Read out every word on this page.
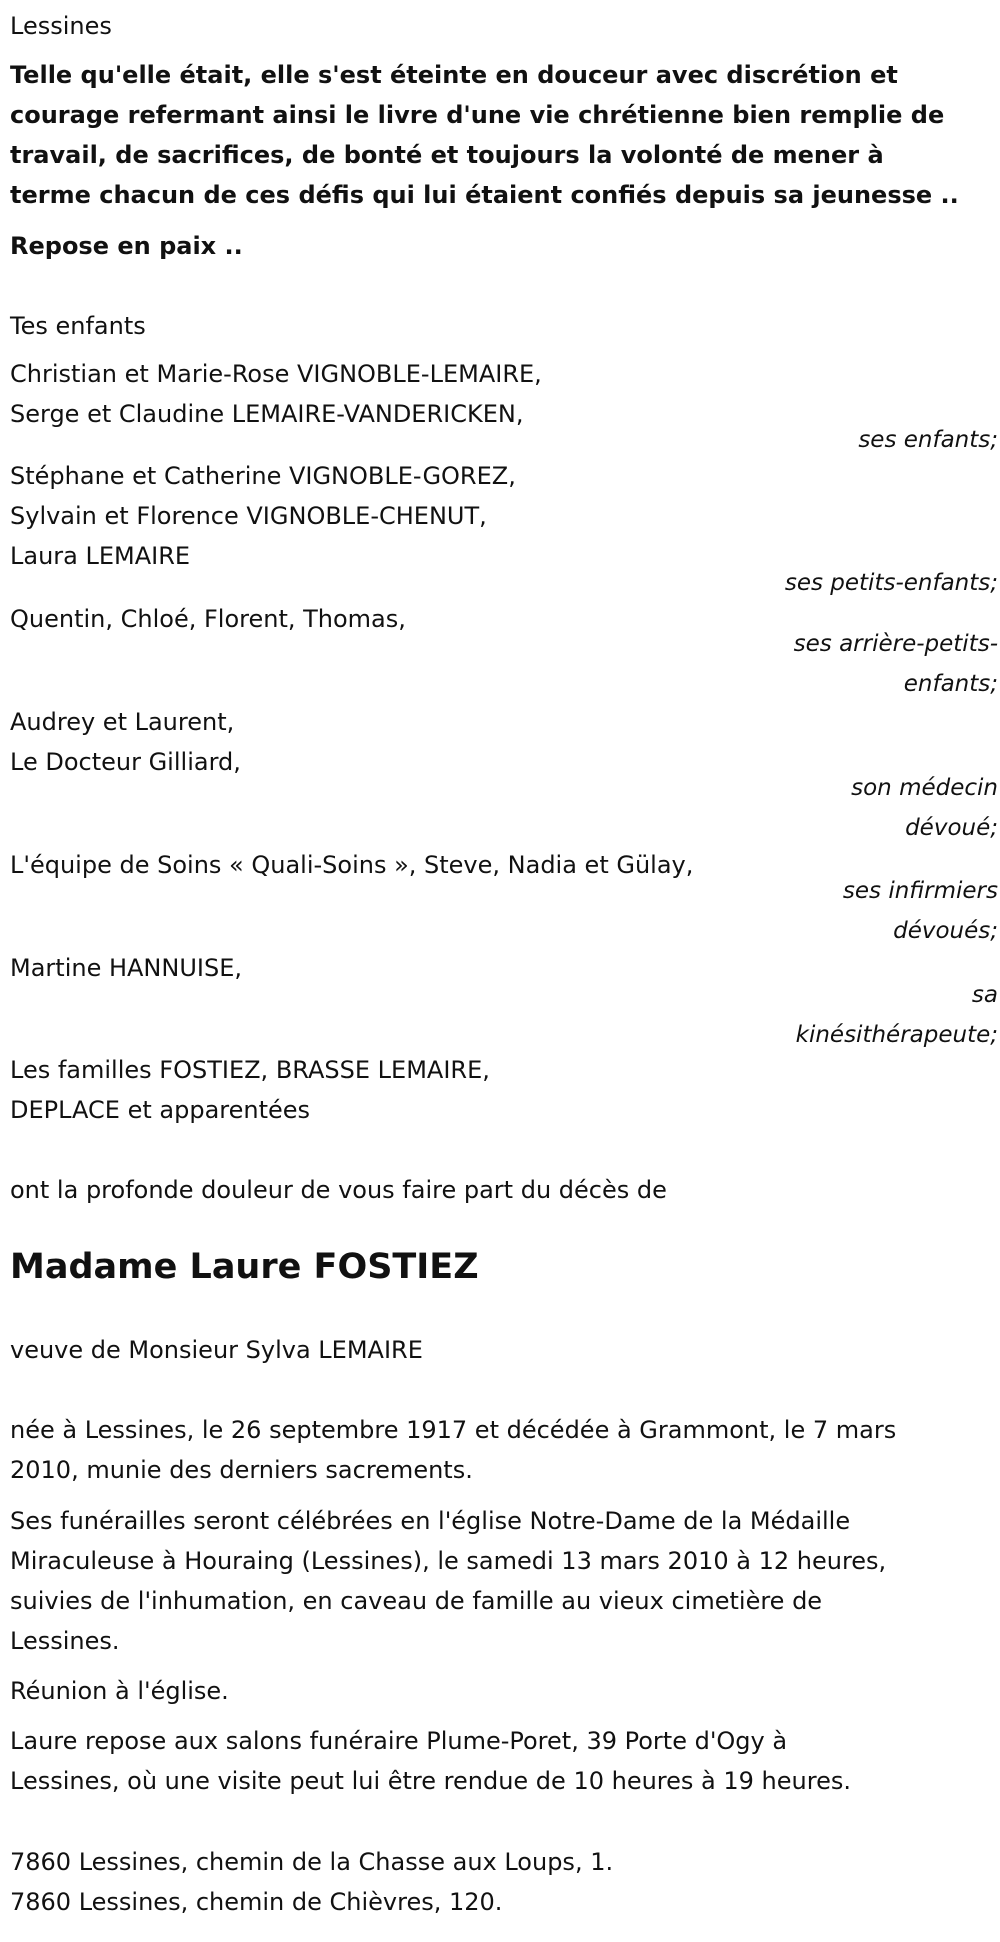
Lessines
Telle qu'elle était, elle s'est éteinte en douceur avec discrétion et
courage refermant ainsi le livre d'une vie chrétienne bien remplie de
travail, de sacrifices, de bonté et toujours la volonté de mener à
terme chacun de ces défis qui lui étaient confiés depuis sa jeunesse ..
Repose en paix ..
Tes enfants
Christian et Marie-Rose VIGNOBLE-LEMAIRE,
Serge et Claudine LEMAIRE-VANDERICKEN,
ses enfants;
Stéphane et Catherine VIGNOBLE-GOREZ,
Sylvain et Florence VIGNOBLE-CHENUT,
Laura LEMAIRE
ses petits-enfants;
Quentin, Chloé, Florent, Thomas,
ses arrière-petits-
enfants;
Audrey et Laurent,
Le Docteur Gilliard,
son médecin
dévoué;
L'équipe de Soins « Quali-Soins », Steve, Nadia et Gülay,
ses infirmiers
dévoués;
Martine HANNUISE,
sa
kinésithérapeute;
Les familles FOSTIEZ, BRASSE LEMAIRE,
DEPLACE et apparentées
ont la profonde douleur de vous faire part du décès de
Madame Laure FOSTIEZ
veuve de Monsieur Sylva LEMAIRE
née à Lessines, le 26 septembre 1917 et décédée à Grammont, le 7 mars
2010, munie des derniers sacrements.
Ses funérailles seront célébrées en l'église Notre-Dame de la Médaille
Miraculeuse à Houraing (Lessines), le samedi 13 mars 2010 à 12 heures,
suivies de l'inhumation, en caveau de famille au vieux cimetière de
Lessines.
Réunion à l'église.
Laure repose aux salons funéraire Plume-Poret, 39 Porte d'Ogy à
Lessines, où une visite peut lui être rendue de 10 heures à 19 heures.
7860 Lessines, chemin de la Chasse aux Loups, 1.
7860 Lessines, chemin de Chièvres, 120.
